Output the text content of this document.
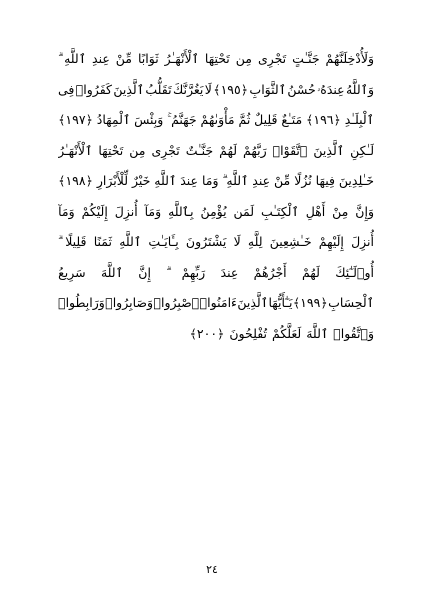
وَلَأُدْخِلَنَّهُمْ
جَنَّـٰتٍ
تَجْرِى
مِن
تَحْتِهَا
ٱلْأَنْهَـٰرُ
ثَوَابًا
مِّنْ
عِندِ
ٱللَّهِ
وَٱللَّهُ
عِندَهُۥ
حُسْنُ
ٱلثَّوَابِ
﴿١٩٥﴾
لَا
يَغُرَّنَّكَ
تَقَلُّبُ
ٱلَّذِينَ
كَفَرُوا۟
فِى
ٱلْبِلَـٰدِ
﴿١٩٦﴾
مَتَـٰعٌ
قَلِيلٌ
ثُمَّ
مَأْوَىٰهُمْ
جَهَنَّمُ
وَبِئْسَ
ٱلْمِهَادُ
﴿١٩٧﴾
لَـٰكِنِ
ٱلَّذِينَ
ٱتَّقَوْا۟
رَبَّهُمْ
لَهُمْ
جَنَّـٰتٌ
تَجْرِى
مِن
تَحْتِهَا
ٱلْأَنْهَـٰرُ
خَـٰلِدِينَ
فِيهَا
نُزُلًا
مِّنْ
عِندِ
ٱللَّهِ
وَمَا
عِندَ
ٱللَّهِ
خَيْرٌ
لِّلْأَبْرَارِ
﴿١٩٨﴾
وَإِنَّ
مِنْ
أَهْلِ
ٱلْكِتَـٰبِ
لَمَن
يُؤْمِنُ
بِٱللَّهِ
وَمَآ
أُنزِلَ
إِلَيْكُمْ
وَمَآ
أُنزِلَ
إِلَيْهِمْ
خَـٰشِعِينَ
لِلَّهِ
لَا
يَشْتَرُونَ
بِـَٔايَـٰتِ
ٱللَّهِ
ثَمَنًا
قَلِيلًا
أُو۟لَـٰٓئِكَ
لَهُمْ
أَجْرُهُمْ
عِندَ
رَبِّهِمْ
إِنَّ
ٱللَّهَ
سَرِيعُ
ٱلْحِسَابِ
﴿١٩٩﴾
يَـٰٓأَيُّهَا
ٱلَّذِينَ
ءَامَنُوا۟
ٱصْبِرُوا۟
وَصَابِرُوا۟
وَرَابِطُوا۟
وَٱتَّقُوا۟
ٱللَّهَ
لَعَلَّكُمْ
تُفْلِحُونَ
﴿٢٠٠﴾
٢٤
